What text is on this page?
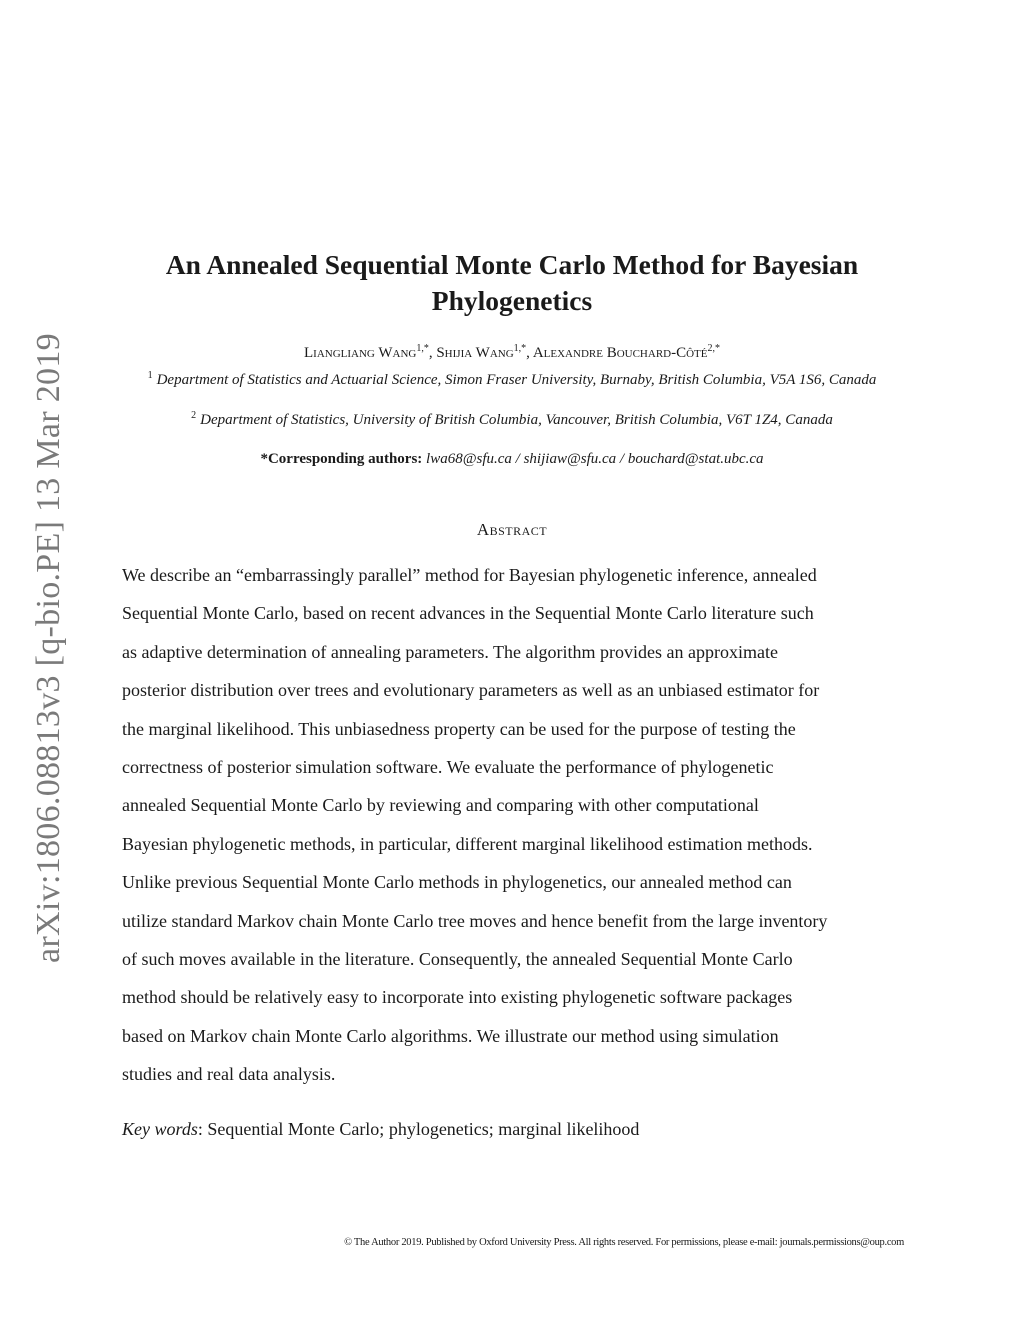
arXiv:1806.08813v3 [q-bio.PE] 13 Mar 2019
An Annealed Sequential Monte Carlo Method for Bayesian
Phylogenetics
Liangliang Wang$^{1,*}$, Shijia Wang$^{1,*}$, Alexandre Bouchard-Côté$^{2,*}$
$^1$ Department of Statistics and Actuarial Science, Simon Fraser University, Burnaby, British Columbia, V5A 1S6, Canada
$^2$ Department of Statistics, University of British Columbia, Vancouver, British Columbia, V6T 1Z4, Canada
*Corresponding authors: lwa68@sfu.ca / shijiaw@sfu.ca / bouchard@stat.ubc.ca
Abstract
We describe an “embarrassingly parallel” method for Bayesian phylogenetic inference, annealed
Sequential Monte Carlo, based on recent advances in the Sequential Monte Carlo literature such
as adaptive determination of annealing parameters. The algorithm provides an approximate
posterior distribution over trees and evolutionary parameters as well as an unbiased estimator for
the marginal likelihood. This unbiasedness property can be used for the purpose of testing the
correctness of posterior simulation software. We evaluate the performance of phylogenetic
annealed Sequential Monte Carlo by reviewing and comparing with other computational
Bayesian phylogenetic methods, in particular, different marginal likelihood estimation methods.
Unlike previous Sequential Monte Carlo methods in phylogenetics, our annealed method can
utilize standard Markov chain Monte Carlo tree moves and hence benefit from the large inventory
of such moves available in the literature. Consequently, the annealed Sequential Monte Carlo
method should be relatively easy to incorporate into existing phylogenetic software packages
based on Markov chain Monte Carlo algorithms. We illustrate our method using simulation
studies and real data analysis.
Key words: Sequential Monte Carlo; phylogenetics; marginal likelihood
© The Author 2019. Published by Oxford University Press. All rights reserved. For permissions, please e-mail: journals.permissions@oup.com
